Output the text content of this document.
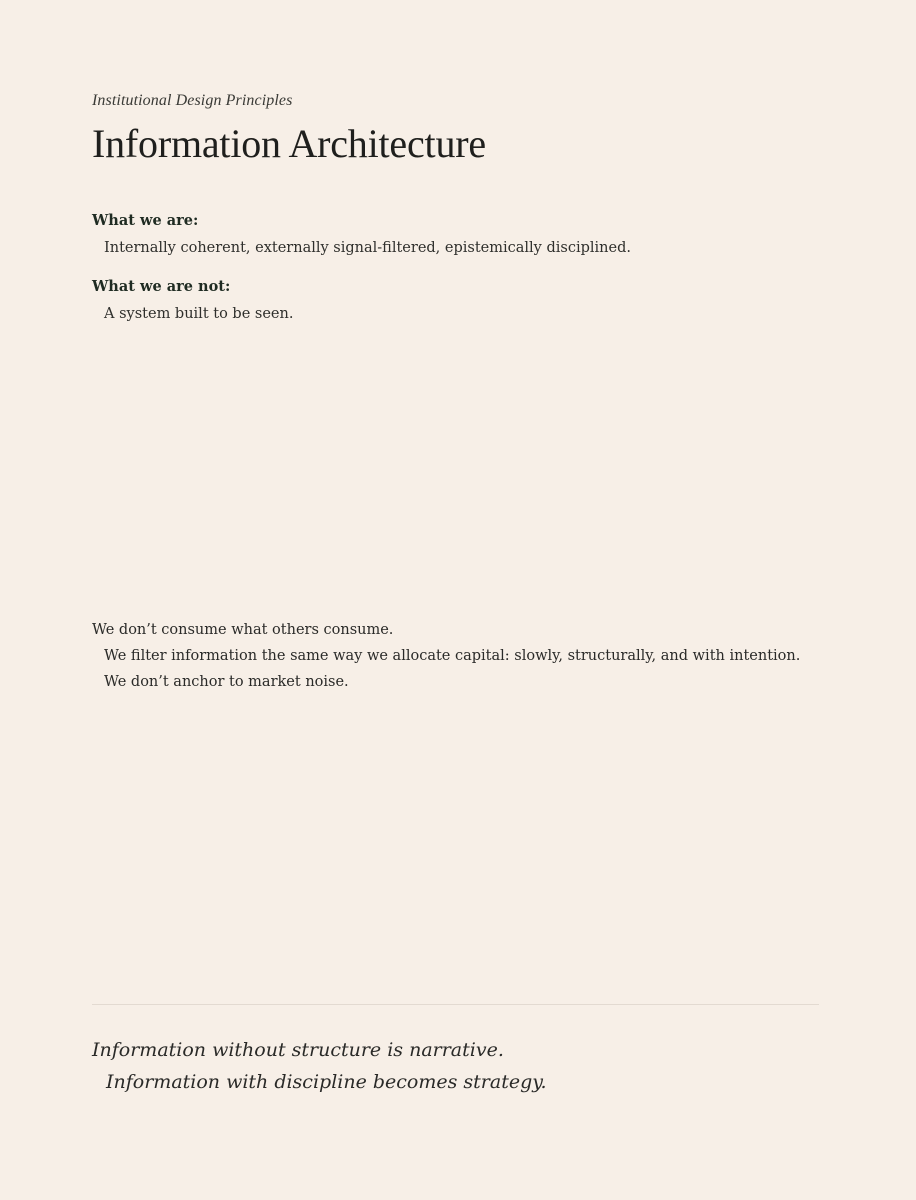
Institutional Design Principles
Information Architecture
What we are:
Internally coherent, externally signal-filtered, epistemically disciplined.
What we are not:
A system built to be seen.
We don’t consume what others consume.
We filter information the same way we allocate capital: slowly, structurally, and with intention.
We don’t anchor to market noise.
Information without structure is narrative.
Information with discipline becomes strategy.
